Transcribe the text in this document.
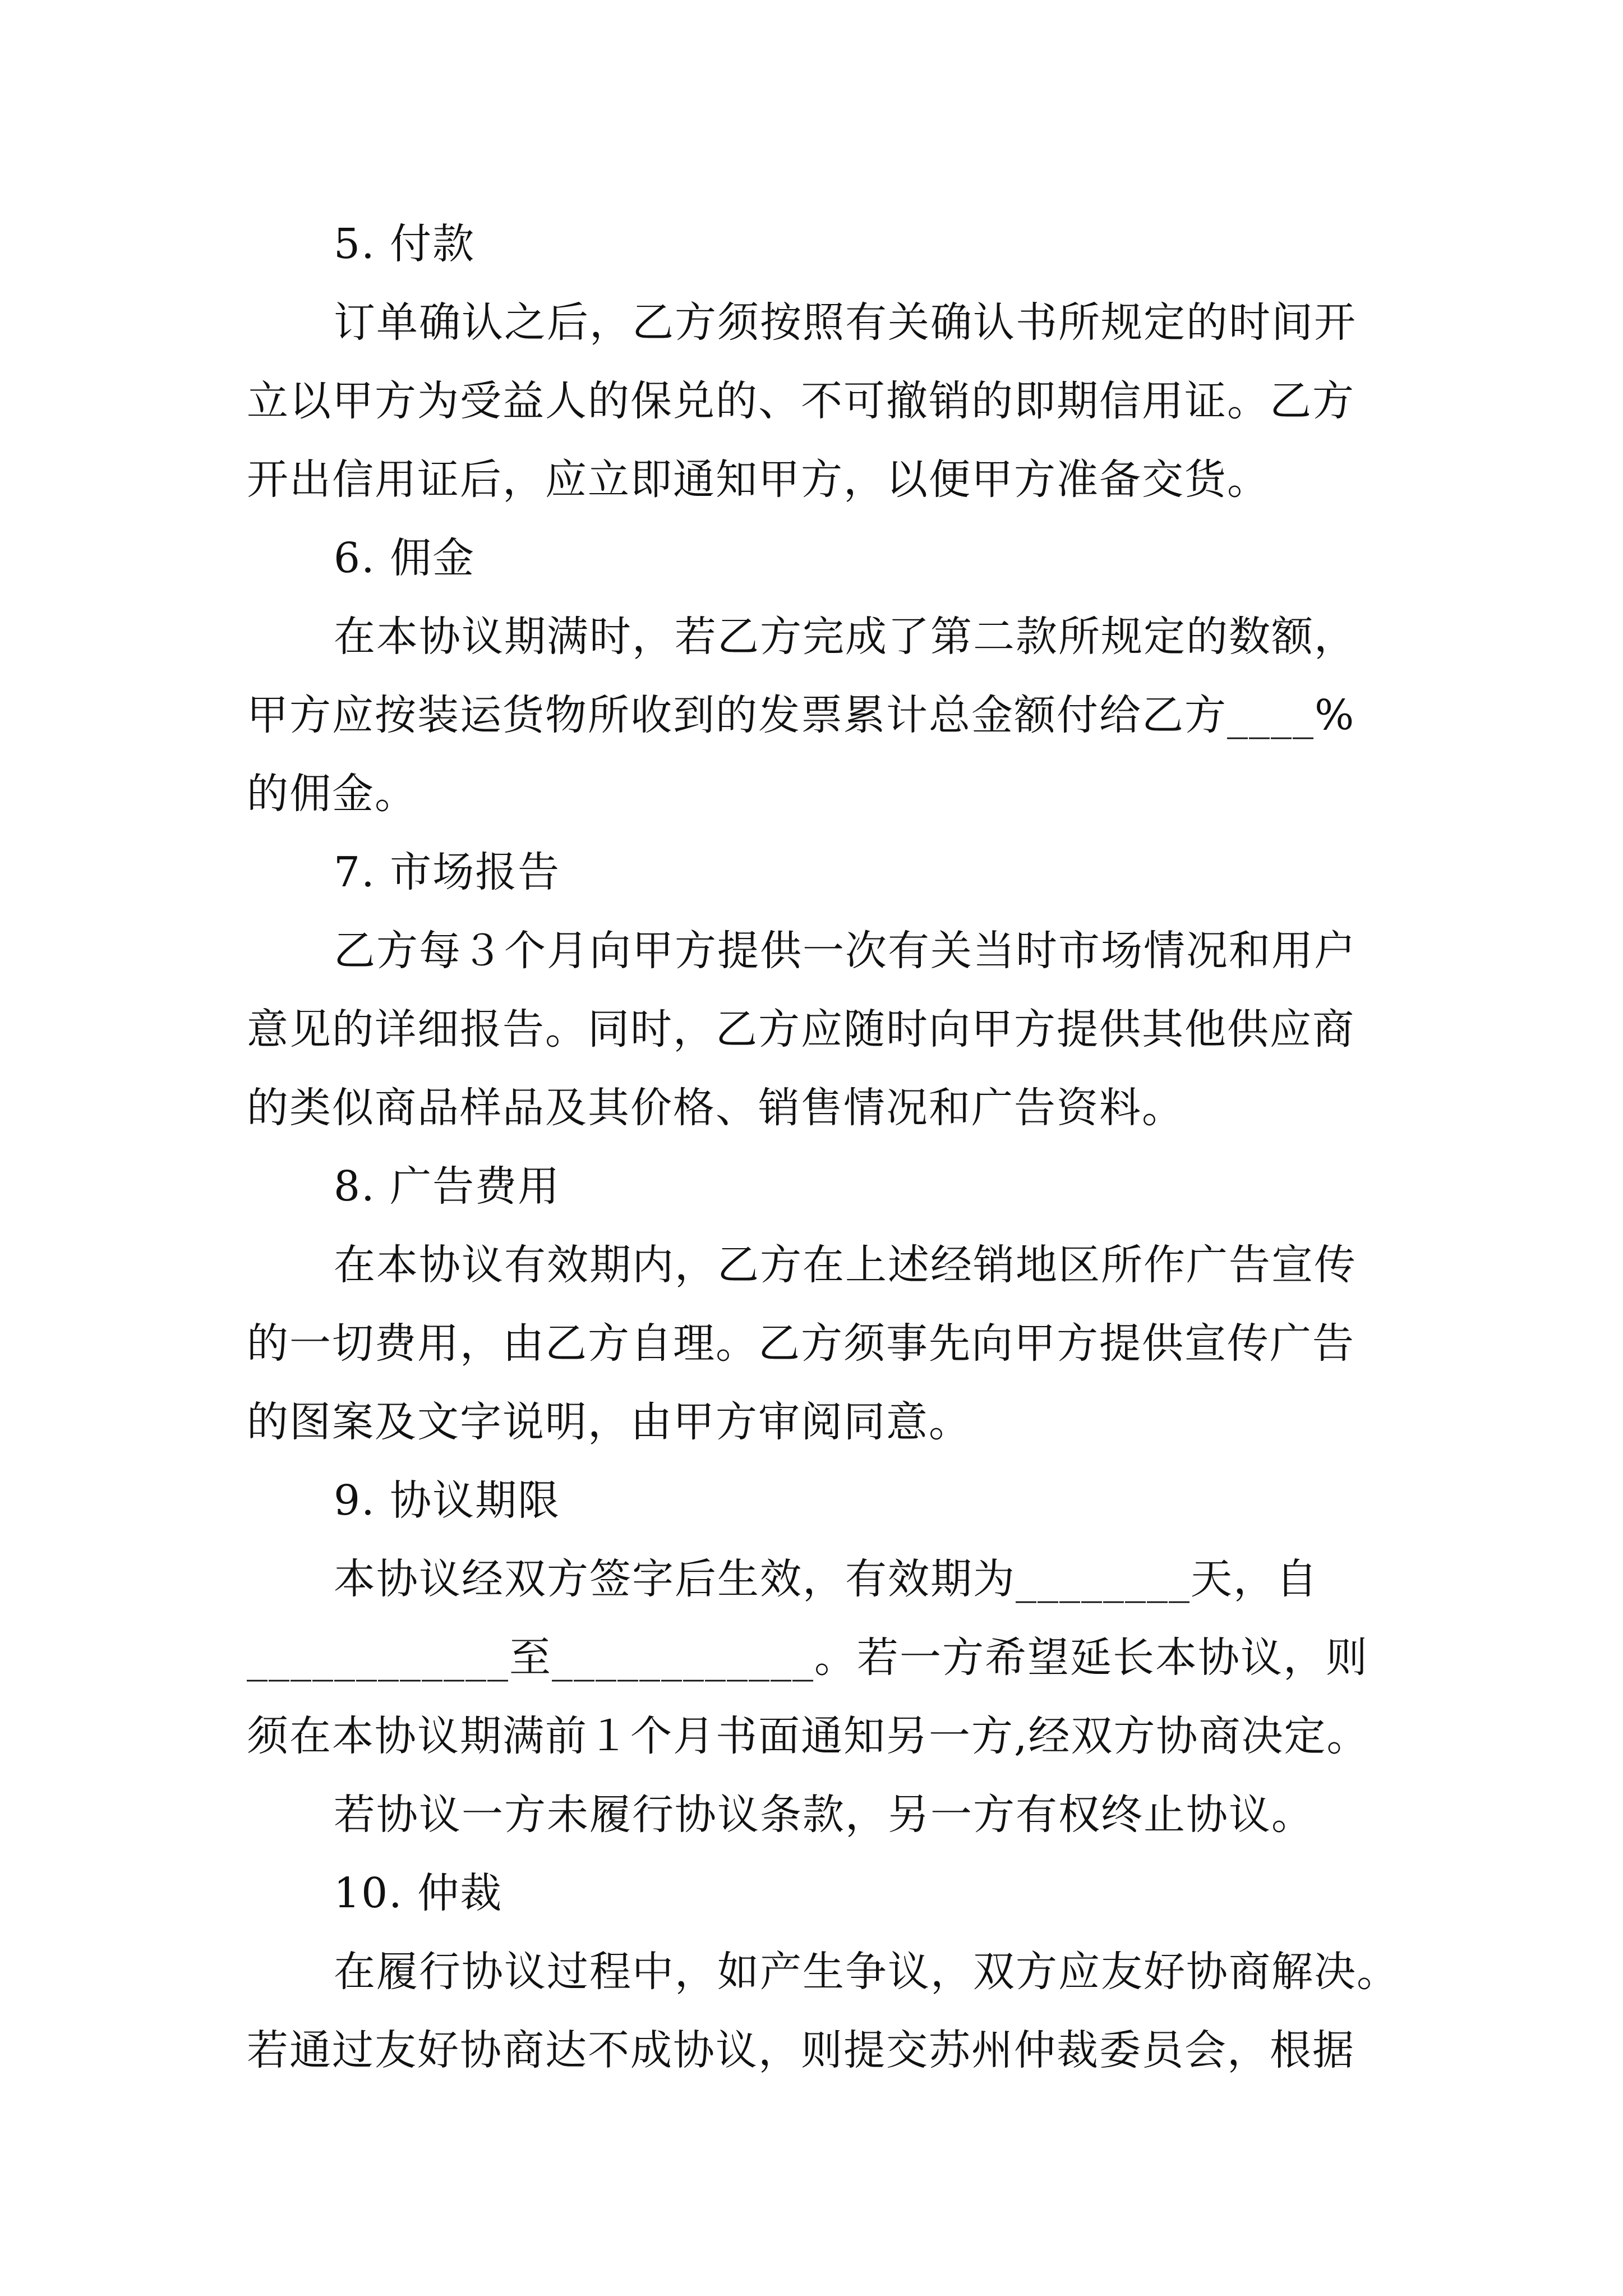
5. 付款
订单确认之后，乙方须按照有关确认书所规定的时间开
立以甲方为受益人的保兑的、不可撤销的即期信用证。乙方
开出信用证后，应立即通知甲方，以便甲方准备交货。
6. 佣金
在本协议期满时，若乙方完成了第二款所规定的数额，
甲方应按装运货物所收到的发票累计总金额付给乙方____%
的佣金。
7. 市场报告
乙方每３个月向甲方提供一次有关当时市场情况和用户
意见的详细报告。同时，乙方应随时向甲方提供其他供应商
的类似商品样品及其价格、销售情况和广告资料。
8. 广告费用
在本协议有效期内，乙方在上述经销地区所作广告宣传
的一切费用，由乙方自理。乙方须事先向甲方提供宣传广告
的图案及文字说明，由甲方审阅同意。
9. 协议期限
本协议经双方签字后生效，有效期为________天，自
____________至____________。若一方希望延长本协议，则
须在本协议期满前１个月书面通知另一方,经双方协商决定。
若协议一方未履行协议条款，另一方有权终止协议。
10. 仲裁
在履行协议过程中，如产生争议，双方应友好协商解决。
若通过友好协商达不成协议，则提交苏州仲裁委员会，根据
